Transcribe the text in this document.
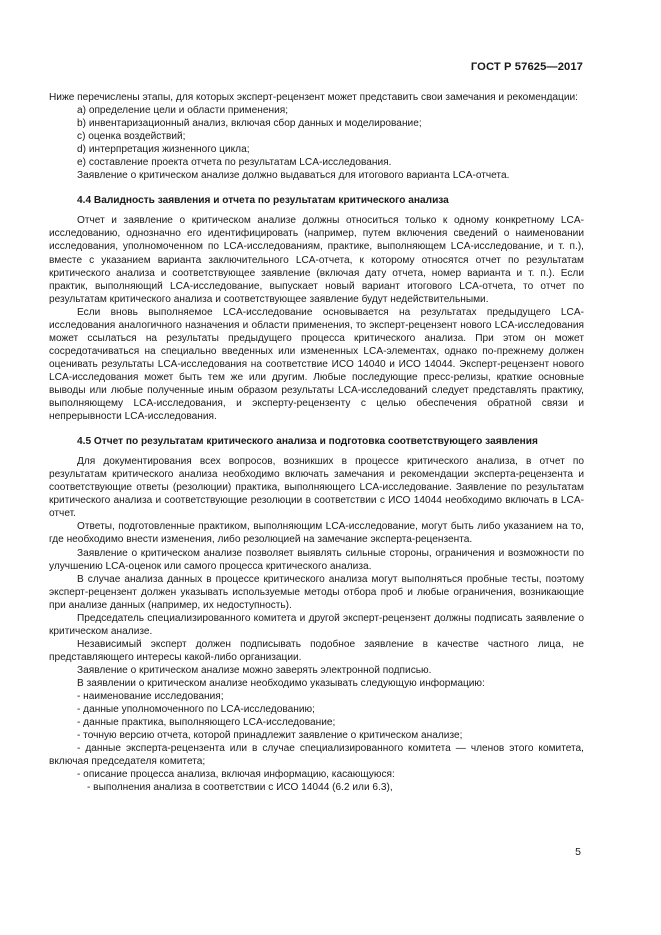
ГОСТ Р 57625—2017

Ниже перечислены этапы, для которых эксперт-рецензент может представить свои замечания и рекомендации:

a) определение цели и области применения;

b) инвентаризационный анализ, включая сбор данных и моделирование;

c) оценка воздействий;

d) интерпретация жизненного цикла;

e) составление проекта отчета по результатам LCA-исследования.

Заявление о критическом анализе должно выдаваться для итогового варианта LCA-отчета.

4.4 Валидность заявления и отчета по результатам критического анализа

Отчет и заявление о критическом анализе должны относиться только к одному конкретному LCA-исследованию, однозначно его идентифицировать (например, путем включения сведений о наименовании исследования, уполномоченном по LCA-исследованиям, практике, выполняющем LCA-исследование, и т. п.), вместе с указанием варианта заключительного LCA-отчета, к которому относятся отчет по результатам критического анализа и соответствующее заявление (включая дату отчета, номер варианта и т. п.). Если практик, выполняющий LCA-исследование, выпускает новый вариант итогового LCA-отчета, то отчет по результатам критического анализа и соответствующее заявление будут недействительными.

Если вновь выполняемое LCA-исследование основывается на результатах предыдущего LCA-исследования аналогичного назначения и области применения, то эксперт-рецензент нового LCA-исследования может ссылаться на результаты предыдущего процесса критического анализа. При этом он может сосредотачиваться на специально введенных или измененных LCA-элементах, однако по-прежнему должен оценивать результаты LCA-исследования на соответствие ИСО 14040 и ИСО 14044. Эксперт-рецензент нового LCA-исследования может быть тем же или другим. Любые последующие пресс-релизы, краткие основные выводы или любые полученные иным образом результаты LCA-исследований следует представлять практику, выполняющему LCA-исследования, и эксперту-рецензенту с целью обеспечения обратной связи и непрерывности LCA-исследования.

4.5 Отчет по результатам критического анализа и подготовка соответствующего заявления

Для документирования всех вопросов, возникших в процессе критического анализа, в отчет по результатам критического анализа необходимо включать замечания и рекомендации эксперта-рецензента и соответствующие ответы (резолюции) практика, выполняющего LCA-исследование. Заявление по результатам критического анализа и соответствующие резолюции в соответствии с ИСО 14044 необходимо включать в LCA-отчет.

Ответы, подготовленные практиком, выполняющим LCA-исследование, могут быть либо указанием на то, где необходимо внести изменения, либо резолюцией на замечание эксперта-рецензента.

Заявление о критическом анализе позволяет выявлять сильные стороны, ограничения и возможности по улучшению LCA-оценок или самого процесса критического анализа.

В случае анализа данных в процессе критического анализа могут выполняться пробные тесты, поэтому эксперт-рецензент должен указывать используемые методы отбора проб и любые ограничения, возникающие при анализе данных (например, их недоступность).

Председатель специализированного комитета и другой эксперт-рецензент должны подписать заявление о критическом анализе.

Независимый эксперт должен подписывать подобное заявление в качестве частного лица, не представляющего интересы какой-либо организации.

Заявление о критическом анализе можно заверять электронной подписью.

В заявлении о критическом анализе необходимо указывать следующую информацию:

- наименование исследования;

- данные уполномоченного по LCA-исследованию;

- данные практика, выполняющего LCA-исследование;

- точную версию отчета, которой принадлежит заявление о критическом анализе;

- данные эксперта-рецензента или в случае специализированного комитета — членов этого комитета, включая председателя комитета;

- описание процесса анализа, включая информацию, касающуюся:

- выполнения анализа в соответствии с ИСО 14044 (6.2 или 6.3),

5
